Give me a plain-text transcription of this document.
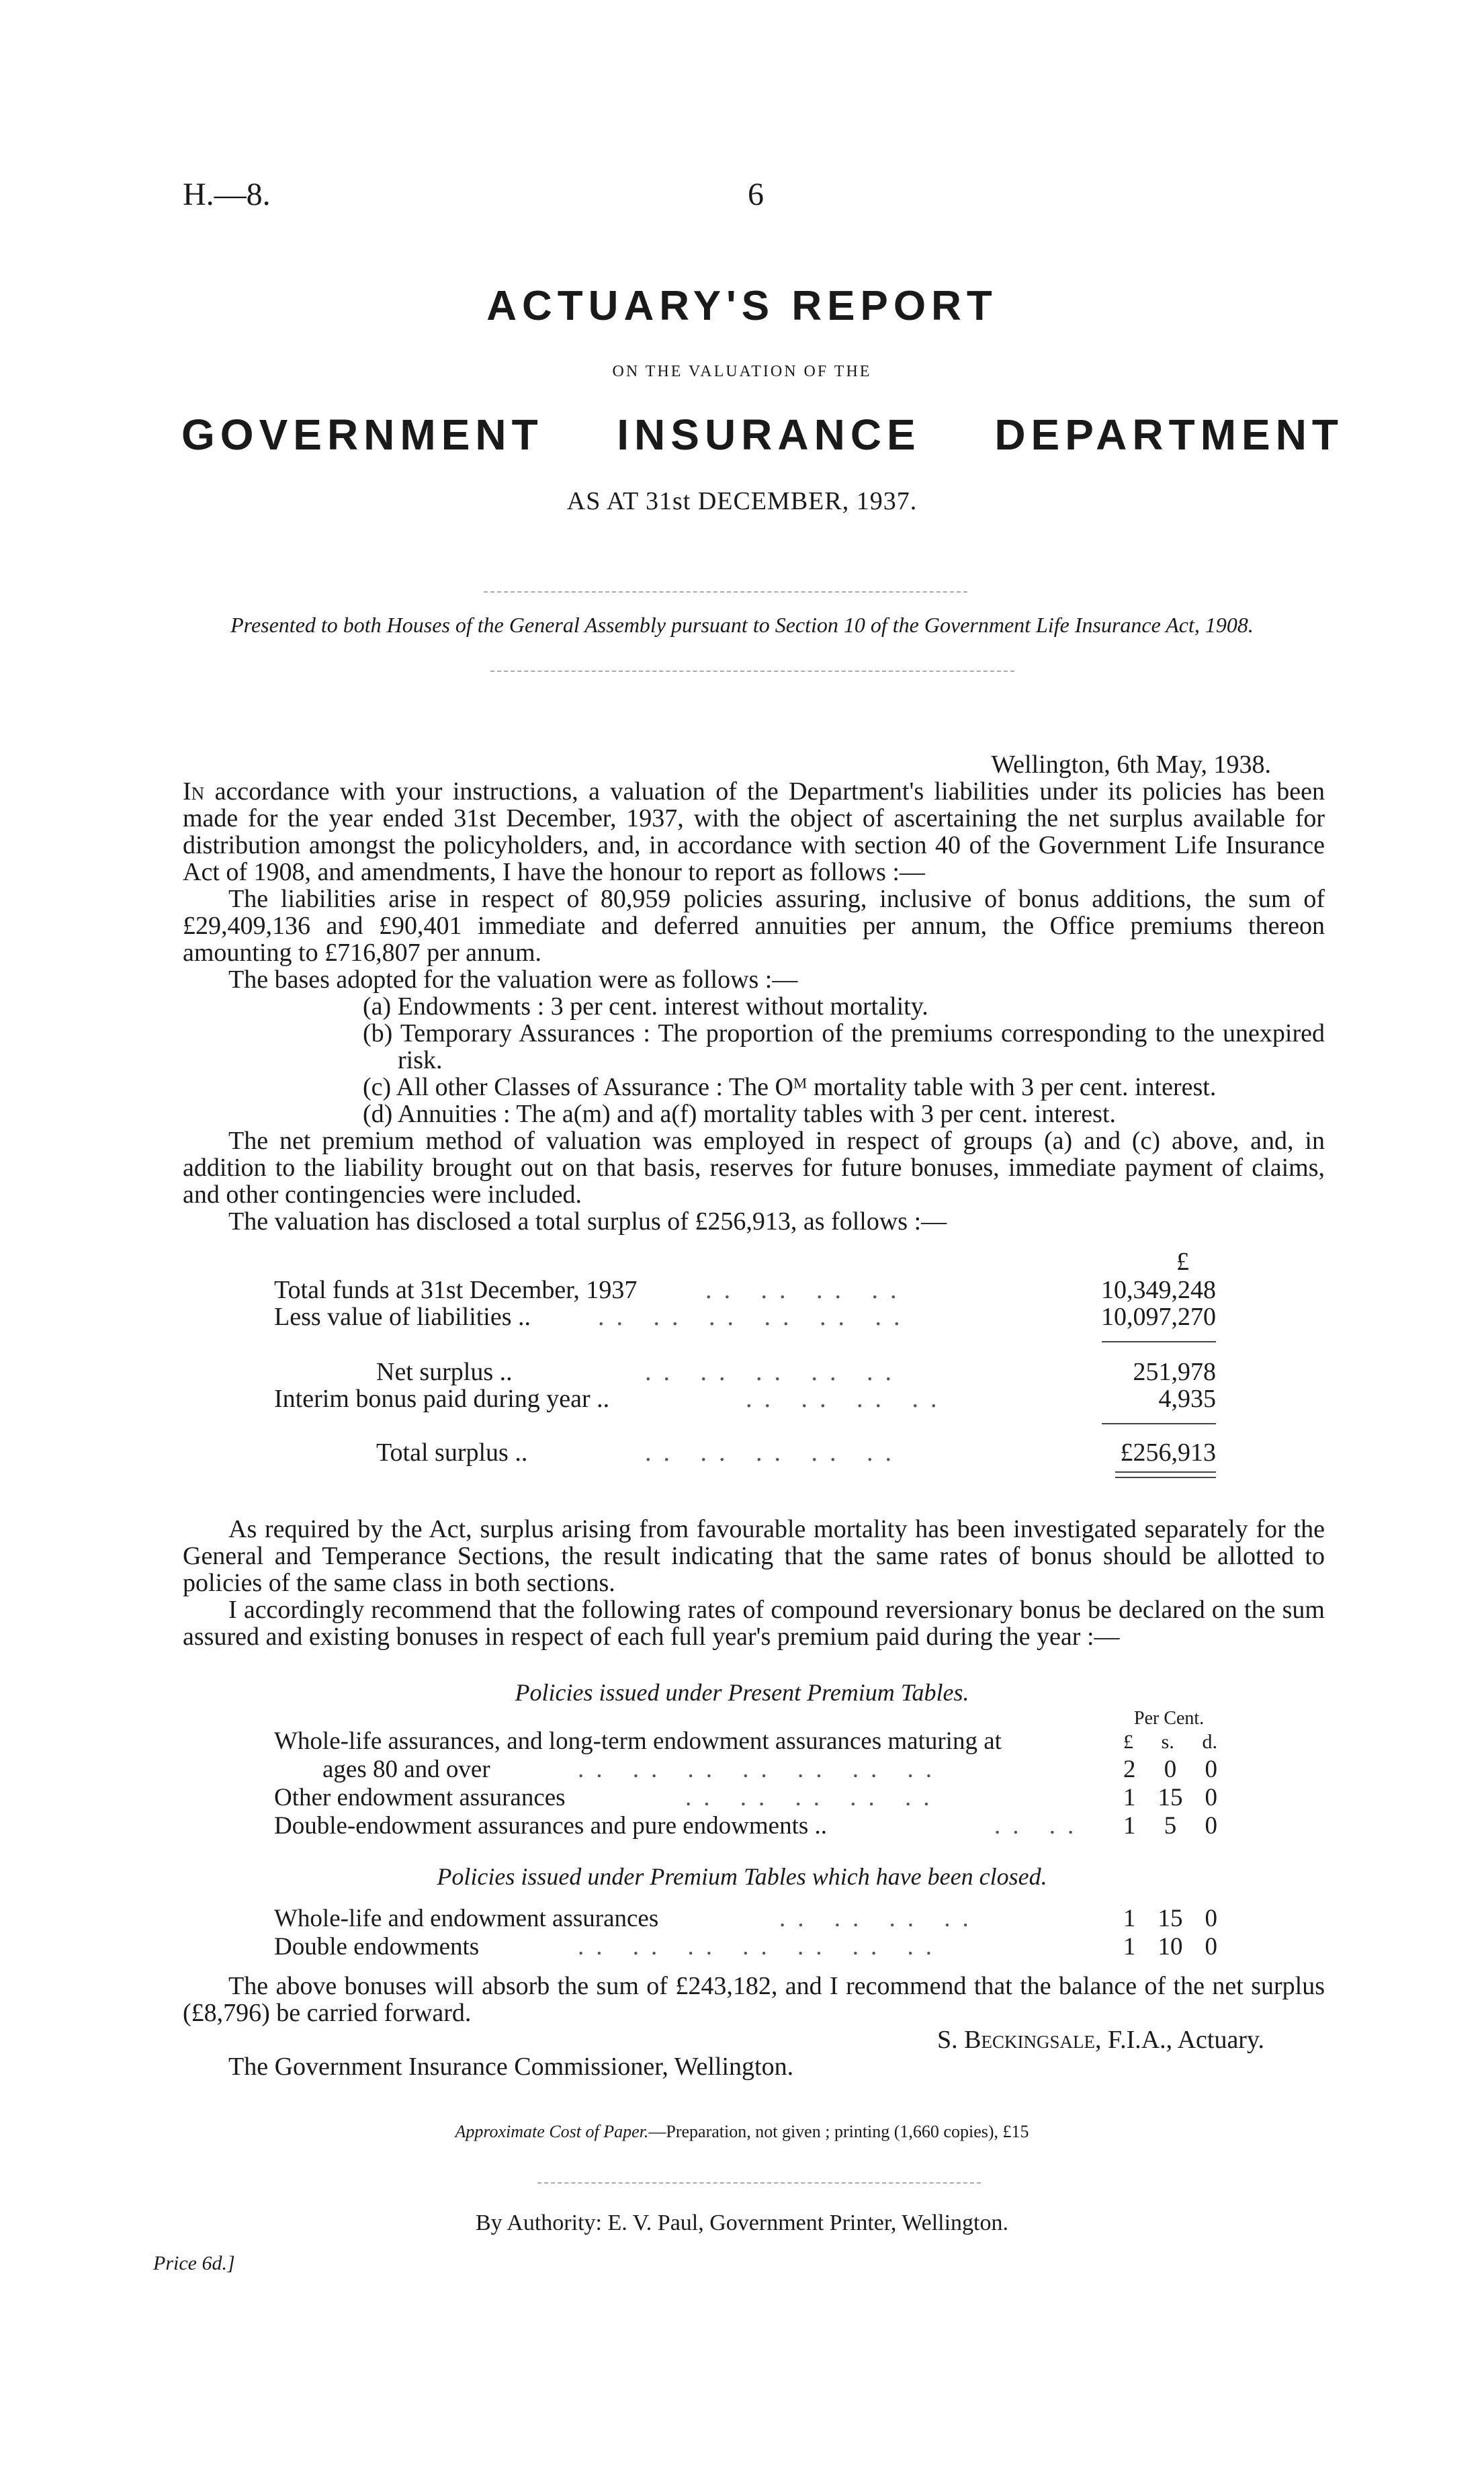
H.—8.	6
ACTUARY'S REPORT
ON THE VALUATION OF THE
GOVERNMENT INSURANCE DEPARTMENT
AS AT 31st DECEMBER, 1937.
Presented to both Houses of the General Assembly pursuant to Section 10 of the Government Life Insurance Act, 1908.
Wellington, 6th May, 1938.

In accordance with your instructions, a valuation of the Department's liabilities under its policies has been made for the year ended 31st December, 1937, with the object of ascertaining the net surplus available for distribution amongst the policyholders, and, in accordance with section 40 of the Government Life Insurance Act of 1908, and amendments, I have the honour to report as follows :—

The liabilities arise in respect of 80,959 policies assuring, inclusive of bonus additions, the sum of £29,409,136 and £90,401 immediate and deferred annuities per annum, the Office premiums thereon amounting to £716,807 per annum.

The bases adopted for the valuation were as follows :—

(a) Endowments : 3 per cent. interest without mortality.

(b) Temporary Assurances : The proportion of the premiums corresponding to the unexpired risk.

(c) All other Classes of Assurance : The Oᴹ mortality table with 3 per cent. interest.

(d) Annuities : The a(m) and a(f) mortality tables with 3 per cent. interest.

The net premium method of valuation was employed in respect of groups (a) and (c) above, and, in addition to the liability brought out on that basis, reserves for future bonuses, immediate payment of claims, and other contingencies were included.

The valuation has disclosed a total surplus of £256,913, as follows :—

£
Total funds at 31st December, 1937	.. .. .. ..	10,349,248
Less value of liabilities ..	.. .. .. .. .. ..	10,097,270
Net surplus ..	.. .. .. .. ..	251,978
Interim bonus paid during year ..	.. .. .. ..	4,935
Total surplus ..	.. .. .. .. ..	£256,913

As required by the Act, surplus arising from favourable mortality has been investigated separately for the General and Temperance Sections, the result indicating that the same rates of bonus should be allotted to policies of the same class in both sections.

I accordingly recommend that the following rates of compound reversionary bonus be declared on the sum assured and existing bonuses in respect of each full year's premium paid during the year :—

Policies issued under Present Premium Tables.
Per Cent.
£ s. d.
Whole-life assurances, and long-term endowment assurances maturing at
ages 80 and over	.. .. .. .. .. .. ..	2 0 0
Other endowment assurances	.. .. .. .. ..	1 15 0
Double-endowment assurances and pure endowments ..	.. .. 1 5 0
Policies issued under Premium Tables which have been closed.
Whole-life and endowment assurances	.. .. .. ..	1 15 0
Double endowments	.. .. .. .. .. .. ..	1 10 0

The above bonuses will absorb the sum of £243,182, and I recommend that the balance of the net surplus (£8,796) be carried forward.

S. Beckingsale, F.I.A., Actuary.
The Government Insurance Commissioner, Wellington.
Approximate Cost of Paper.—Preparation, not given ; printing (1,660 copies), £15
By Authority: E. V. Paul, Government Printer, Wellington.
Price 6d.]
